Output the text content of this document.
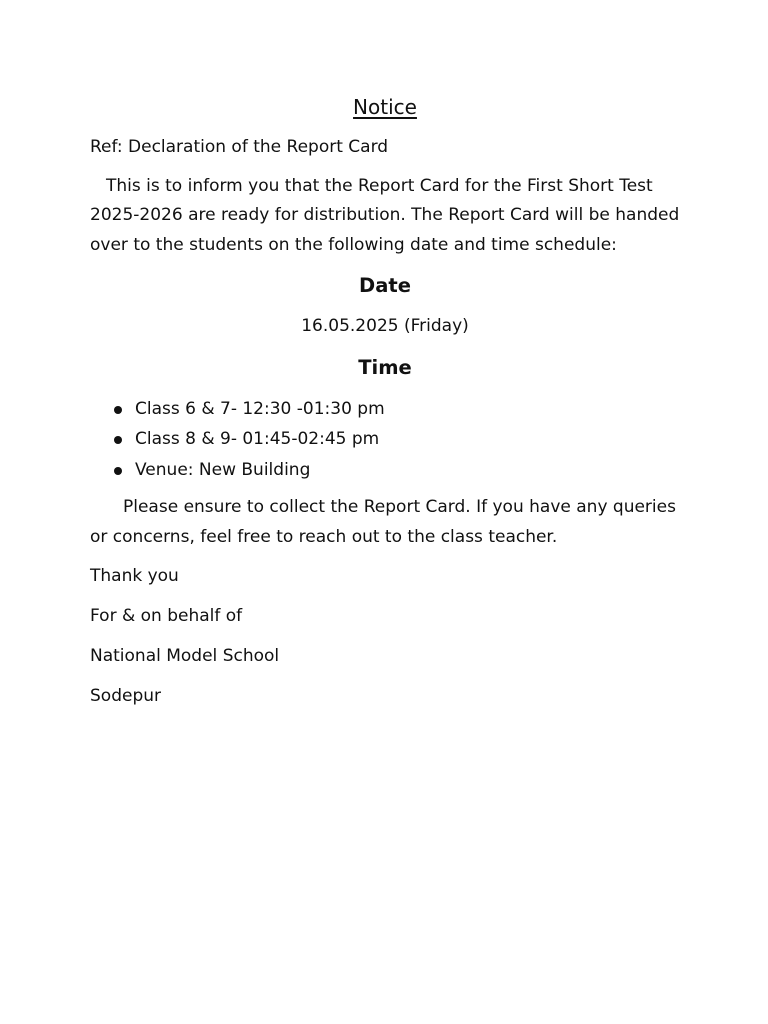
Notice

Ref: Declaration of the Report Card

This is to inform you that the Report Card for the First Short Test 2025-2026 are ready for distribution. The Report Card will be handed over to the students on the following date and time schedule:

Date

16.05.2025 (Friday)

Time
Class 6 & 7- 12:30 -01:30 pm
Class 8 & 9- 01:45-02:45 pm
Venue: New Building

Please ensure to collect the Report Card. If you have any queries or concerns, feel free to reach out to the class teacher.

Thank you

For & on behalf of

National Model School

Sodepur
